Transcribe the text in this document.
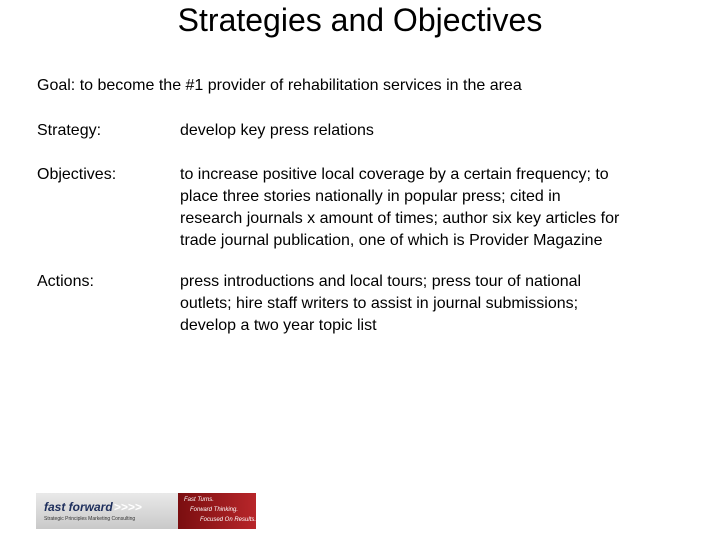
Strategies and Objectives
Goal: to become the #1 provider of rehabilitation services in the area
Strategy:	develop key press relations
Objectives:	to increase positive local coverage by a certain frequency; to
place three stories nationally in popular press; cited in
research journals x amount of times; author six key articles for
trade journal publication, one of which is Provider Magazine
Actions:	press introductions and local tours; press tour of national
outlets; hire staff writers to assist in journal submissions;
develop a two year topic list
fast forward>>>>
Strategic Principles Marketing Consulting
Fast Turns.
Forward Thinking.
Focused On Results.
